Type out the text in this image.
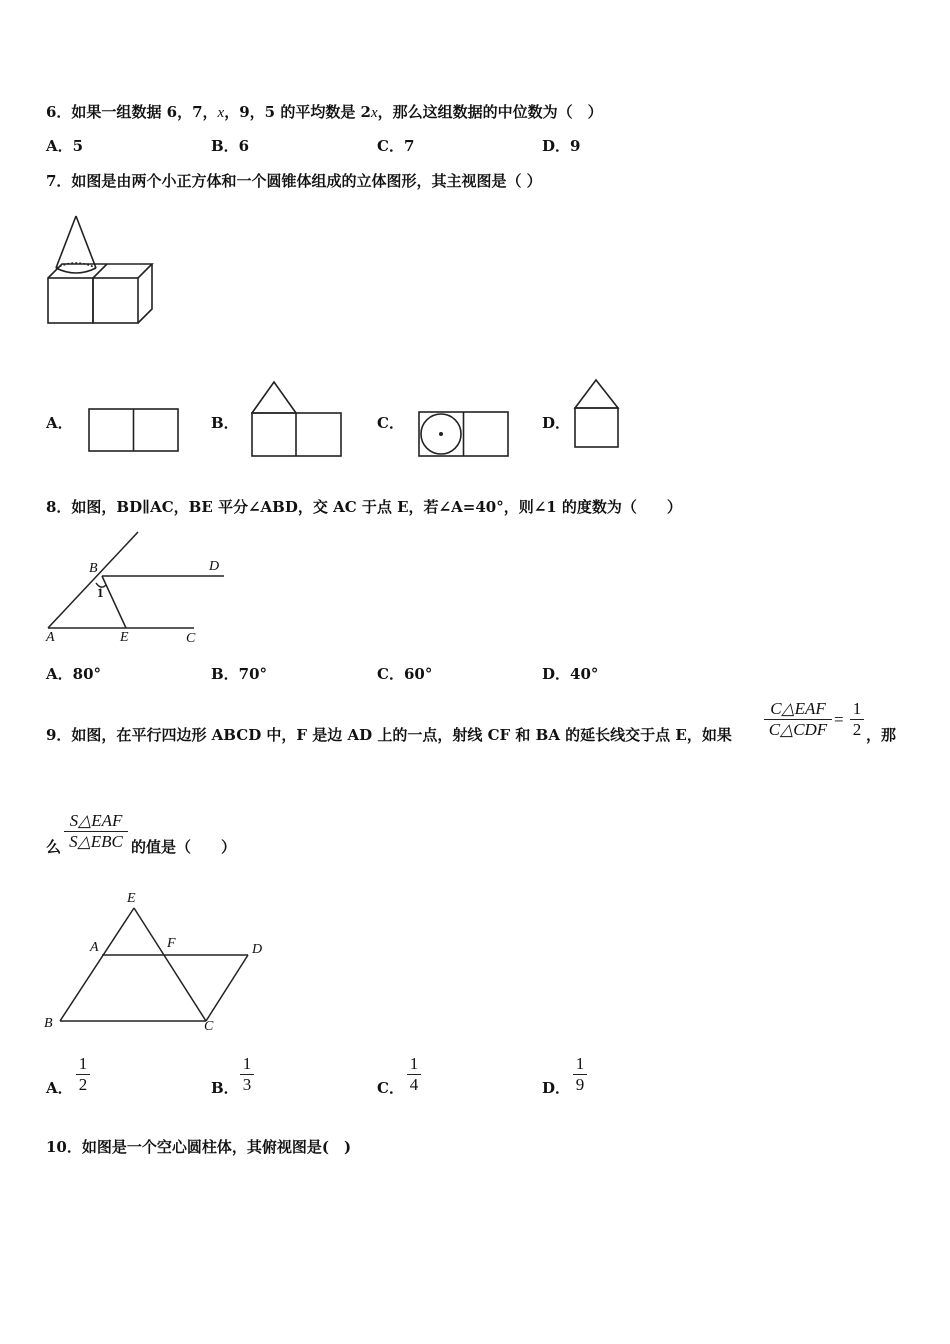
6．如果一组数据 6，7，x，9，5 的平均数是 2x，那么这组数据的中位数为（　）
A．5	B．6	C．7	D．9
7．如图是由两个小正方体和一个圆锥体组成的立体图形，其主视图是（ ）
A．	B．	C．	D．
8．如图，BD∥AC，BE 平分∠ABD，交 AC 于点 E，若∠A=40°，则∠1 的度数为（　　）
B	D
1
A	E	C
A．80°	B．70°	C．60°	D．40°
9．如图，在平行四边形 ABCD 中，F 是边 AD 上的一点，射线 CF 和 BA 的延长线交于点 E，如果
C△EAF
C△CDF
=
1
2 ，那
么
S△EAF
S△EBC 的值是（　　）
E
A	F	D
B	C
A．
1
2	B．
1
3	C．
1
4	D．
1
9
10．如图是一个空心圆柱体，其俯视图是(　)
